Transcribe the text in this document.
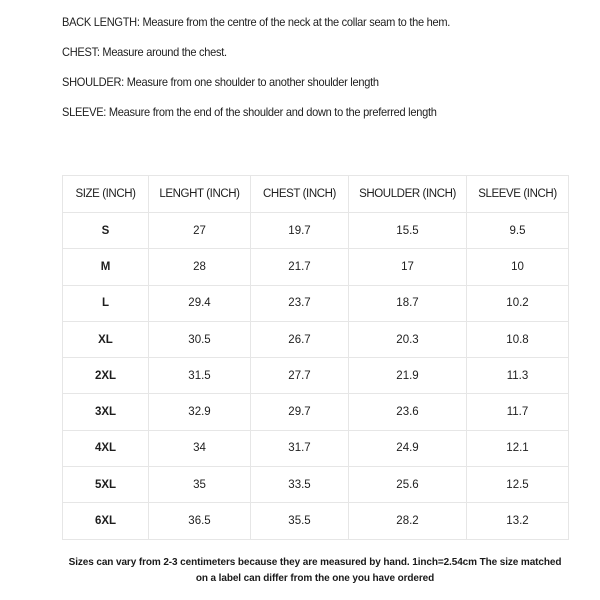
BACK LENGTH: Measure from the centre of the neck at the collar seam to the hem.
CHEST: Measure around the chest.
SHOULDER: Measure from one shoulder to another shoulder length
SLEEVE: Measure from the end of the shoulder and down to the preferred length
SIZE (INCH)	LENGHT (INCH)	CHEST (INCH)	SHOULDER (INCH)	SLEEVE (INCH)
S	27	19.7	15.5	9.5
M	28	21.7	17	10
L	29.4	23.7	18.7	10.2
XL	30.5	26.7	20.3	10.8
2XL	31.5	27.7	21.9	11.3
3XL	32.9	29.7	23.6	11.7
4XL	34	31.7	24.9	12.1
5XL	35	33.5	25.6	12.5
6XL	36.5	35.5	28.2	13.2
Sizes can vary from 2-3 centimeters because they are measured by hand. 1inch=2.54cm The size matched on a label can differ from the one you have ordered
